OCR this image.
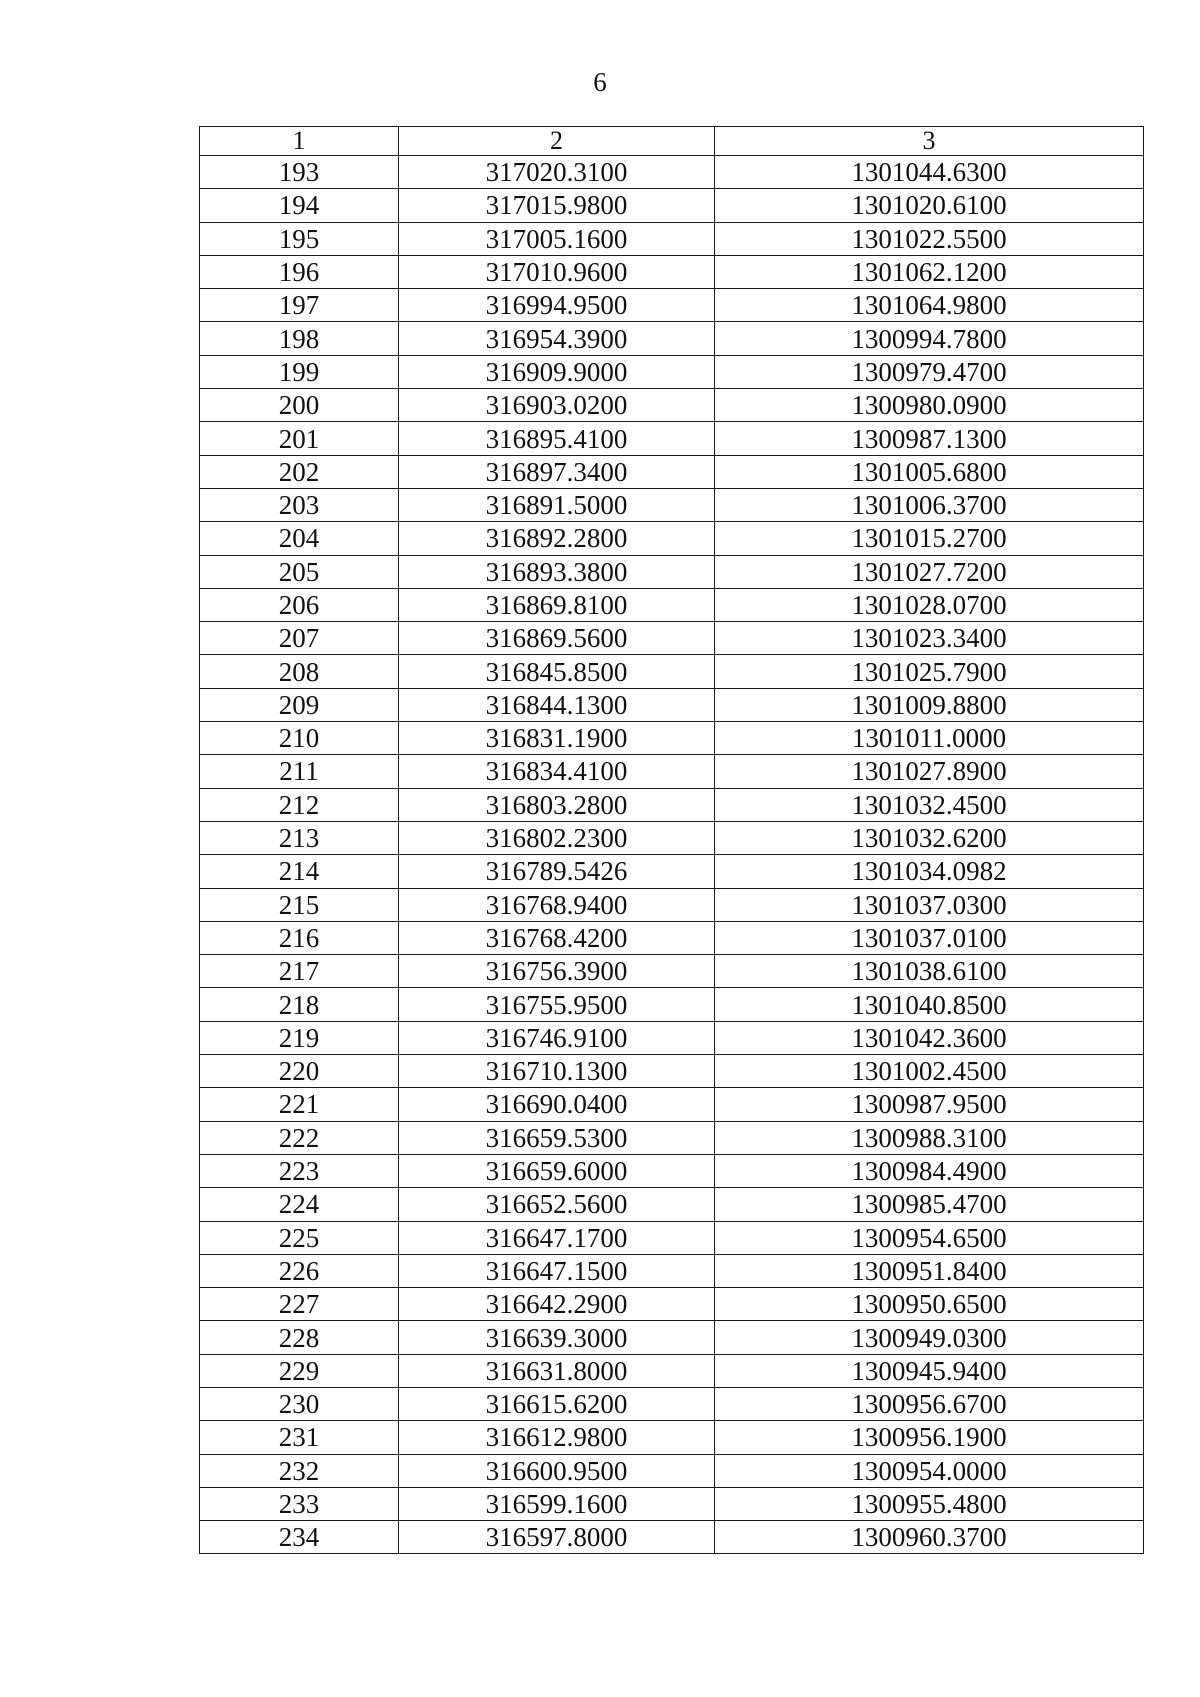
6
1	2	3
193	317020.3100	1301044.6300
194	317015.9800	1301020.6100
195	317005.1600	1301022.5500
196	317010.9600	1301062.1200
197	316994.9500	1301064.9800
198	316954.3900	1300994.7800
199	316909.9000	1300979.4700
200	316903.0200	1300980.0900
201	316895.4100	1300987.1300
202	316897.3400	1301005.6800
203	316891.5000	1301006.3700
204	316892.2800	1301015.2700
205	316893.3800	1301027.7200
206	316869.8100	1301028.0700
207	316869.5600	1301023.3400
208	316845.8500	1301025.7900
209	316844.1300	1301009.8800
210	316831.1900	1301011.0000
211	316834.4100	1301027.8900
212	316803.2800	1301032.4500
213	316802.2300	1301032.6200
214	316789.5426	1301034.0982
215	316768.9400	1301037.0300
216	316768.4200	1301037.0100
217	316756.3900	1301038.6100
218	316755.9500	1301040.8500
219	316746.9100	1301042.3600
220	316710.1300	1301002.4500
221	316690.0400	1300987.9500
222	316659.5300	1300988.3100
223	316659.6000	1300984.4900
224	316652.5600	1300985.4700
225	316647.1700	1300954.6500
226	316647.1500	1300951.8400
227	316642.2900	1300950.6500
228	316639.3000	1300949.0300
229	316631.8000	1300945.9400
230	316615.6200	1300956.6700
231	316612.9800	1300956.1900
232	316600.9500	1300954.0000
233	316599.1600	1300955.4800
234	316597.8000	1300960.3700
